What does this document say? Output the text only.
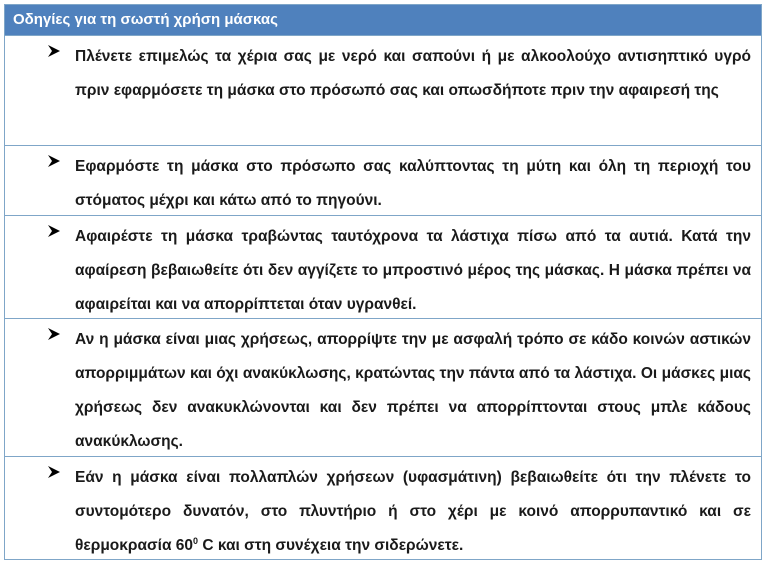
Οδηγίες για τη σωστή χρήση μάσκας
Πλένετε επιμελώς τα χέρια σας με νερό και σαπούνι ή με αλκοολούχο αντισηπτικό υγρό πριν εφαρμόσετε τη μάσκα στο πρόσωπό σας και οπωσδήποτε πριν την αφαιρεσή της
Εφαρμόστε τη μάσκα στο πρόσωπο σας καλύπτοντας τη μύτη και όλη τη περιοχή του στόματος μέχρι και κάτω από το πηγούνι.
Αφαιρέστε τη μάσκα τραβώντας ταυτόχρονα τα λάστιχα πίσω από τα αυτιά. Κατά την αφαίρεση βεβαιωθείτε ότι δεν αγγίζετε το μπροστινό μέρος της μάσκας. Η μάσκα πρέπει να αφαιρείται και να απορρίπτεται όταν υγρανθεί.
Αν η μάσκα είναι μιας χρήσεως, απορρίψτε την με ασφαλή τρόπο σε κάδο κοινών αστικών απορριμμάτων και όχι ανακύκλωσης, κρατώντας την πάντα από τα λάστιχα. Οι μάσκες μιας χρήσεως δεν ανακυκλώνονται και δεν πρέπει να απορρίπτονται στους μπλε κάδους ανακύκλωσης.
Εάν η μάσκα είναι πολλαπλών χρήσεων (υφασμάτινη) βεβαιωθείτε ότι την πλένετε το συντομότερο δυνατόν, στο πλυντήριο ή στο χέρι με κοινό απορρυπαντικό και σε θερμοκρασία $60^0$ C και στη συνέχεια την σιδερώνετε.
